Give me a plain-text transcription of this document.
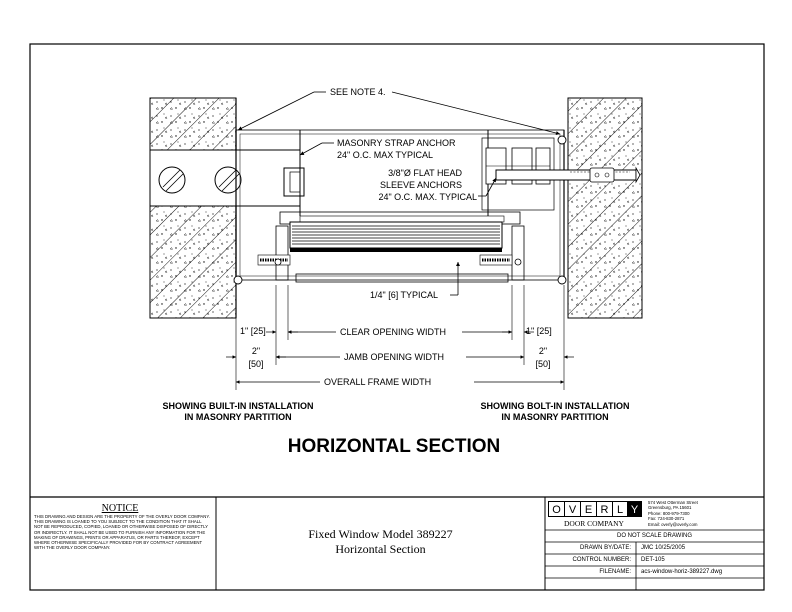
SEE NOTE 4.
MASONRY STRAP ANCHOR
24" O.C. MAX TYPICAL
3/8"Ø FLAT HEAD
SLEEVE ANCHORS
24" O.C. MAX. TYPICAL
1/4" [6] TYPICAL
1" [25]	CLEAR OPENING WIDTH	1" [25]
2"
[50]
JAMB OPENING WIDTH
2"
[50]
OVERALL FRAME WIDTH
SHOWING BUILT-IN INSTALLATION
IN MASONRY PARTITION
SHOWING BOLT-IN INSTALLATION
IN MASONRY PARTITION
HORIZONTAL SECTION
O V E R L Y
DOOR COMPANY
NOTICE
THIS DRAWING AND DESIGN ARE THE PROPERTY OF THE OVERLY DOOR COMPANY. THIS DRAWING IS LOANED TO YOU SUBJECT TO THE CONDITION THAT IT SHALL NOT BE REPRODUCED, COPIED, LOANED OR OTHERWISE DISPOSED OF DIRECTLY OR INDIRECTLY. IT SHALL NOT BE USED TO FURNISH ANY INFORMATION FOR THE MAKING OF DRAWINGS, PRINTS OR APPARATUS, OR PARTS THEREOF, EXCEPT WHERE OTHERWISE SPECIFICALLY PROVIDED FOR BY CONTRACT AGREEMENT WITH THE OVERLY DOOR COMPANY.
Fixed Window Model 389227
Horizontal Section
574 West Otterman Street
Greensburg, PA 15601
Phone: 800-979-7300
Fax: 724-830-2871
Email: overly@overly.com
DO NOT SCALE DRAWING
DRAWN BY/DATE: JMC 10/25/2005
CONTROL NUMBER: DET-105
FILENAME: acs-window-horiz-389227.dwg
